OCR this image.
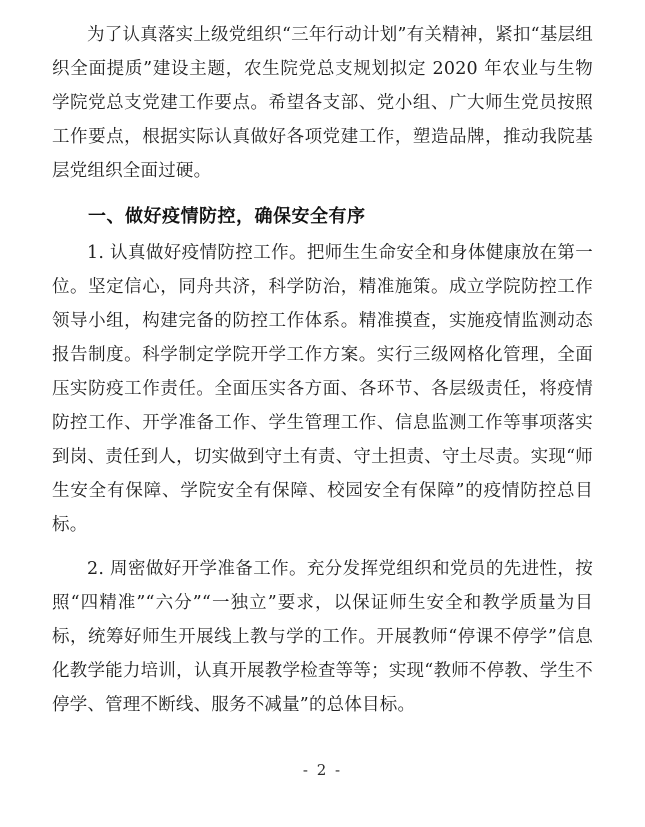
为了认真落实上级党组织“三年行动计划”有关精神，紧扣“基层组织全面提质”建设主题，农生院党总支规划拟定 2020 年农业与生物学院党总支党建工作要点。希望各支部、党小组、广大师生党员按照工作要点，根据实际认真做好各项党建工作，塑造品牌，推动我院基层党组织全面过硬。

一、做好疫情防控，确保安全有序

1. 认真做好疫情防控工作。把师生生命安全和身体健康放在第一位。坚定信心，同舟共济，科学防治，精准施策。成立学院防控工作领导小组，构建完备的防控工作体系。精准摸查，实施疫情监测动态报告制度。科学制定学院开学工作方案。实行三级网格化管理，全面压实防疫工作责任。全面压实各方面、各环节、各层级责任，将疫情防控工作、开学准备工作、学生管理工作、信息监测工作等事项落实到岗、责任到人，切实做到守土有责、守土担责、守土尽责。实现“师生安全有保障、学院安全有保障、校园安全有保障”的疫情防控总目标。

2. 周密做好开学准备工作。充分发挥党组织和党员的先进性，按照“四精准”“六分”“一独立”要求，以保证师生安全和教学质量为目标，统筹好师生开展线上教与学的工作。开展教师“停课不停学”信息化教学能力培训，认真开展教学检查等等；实现“教师不停教、学生不停学、管理不断线、服务不减量”的总体目标。

- 2 -
